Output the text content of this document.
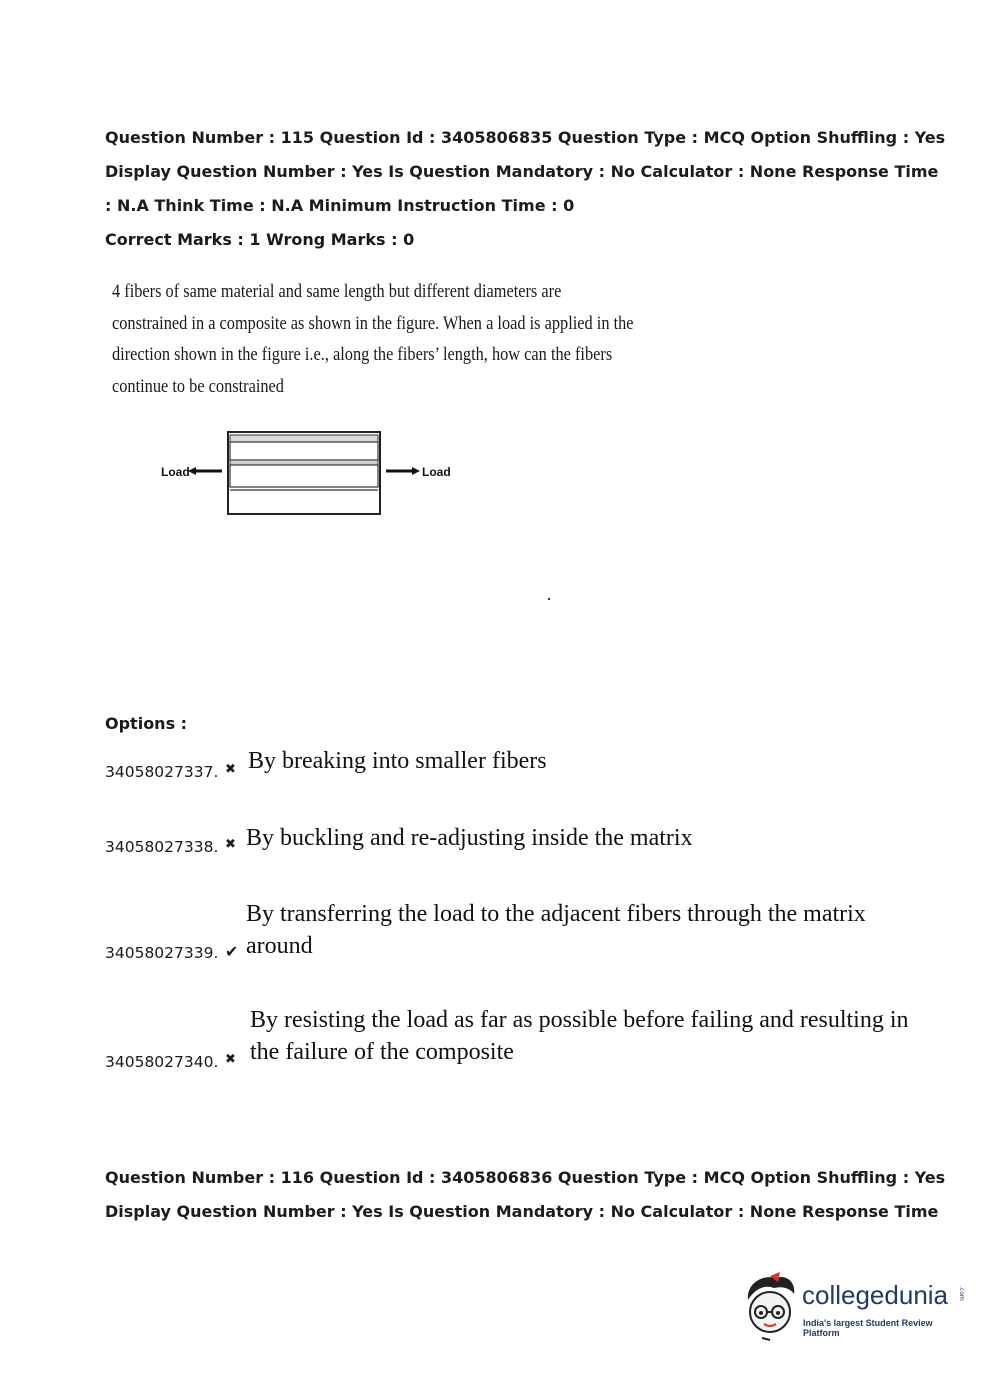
Question Number : 115 Question Id : 3405806835 Question Type : MCQ Option Shuffling : Yes
Display Question Number : Yes Is Question Mandatory : No Calculator : None Response Time
: N.A Think Time : N.A Minimum Instruction Time : 0
Correct Marks : 1 Wrong Marks : 0
4 fibers of same material and same length but different diameters are
constrained in a composite as shown in the figure. When a load is applied in the
direction shown in the figure i.e., along the fibers’ length, how can the fibers
continue to be constrained
Load	Load
Options :
34058027337. ✖ By breaking into smaller fibers
34058027338. ✖ By buckling and re-adjusting inside the matrix
34058027339. ✔
By transferring the load to the adjacent fibers through the matrix
around
34058027340. ✖
By resisting the load as far as possible before failing and resulting in
the failure of the composite
Question Number : 116 Question Id : 3405806836 Question Type : MCQ Option Shuffling : Yes
Display Question Number : Yes Is Question Mandatory : No Calculator : None Response Time
collegedunia .com
India's largest Student Review Platform
